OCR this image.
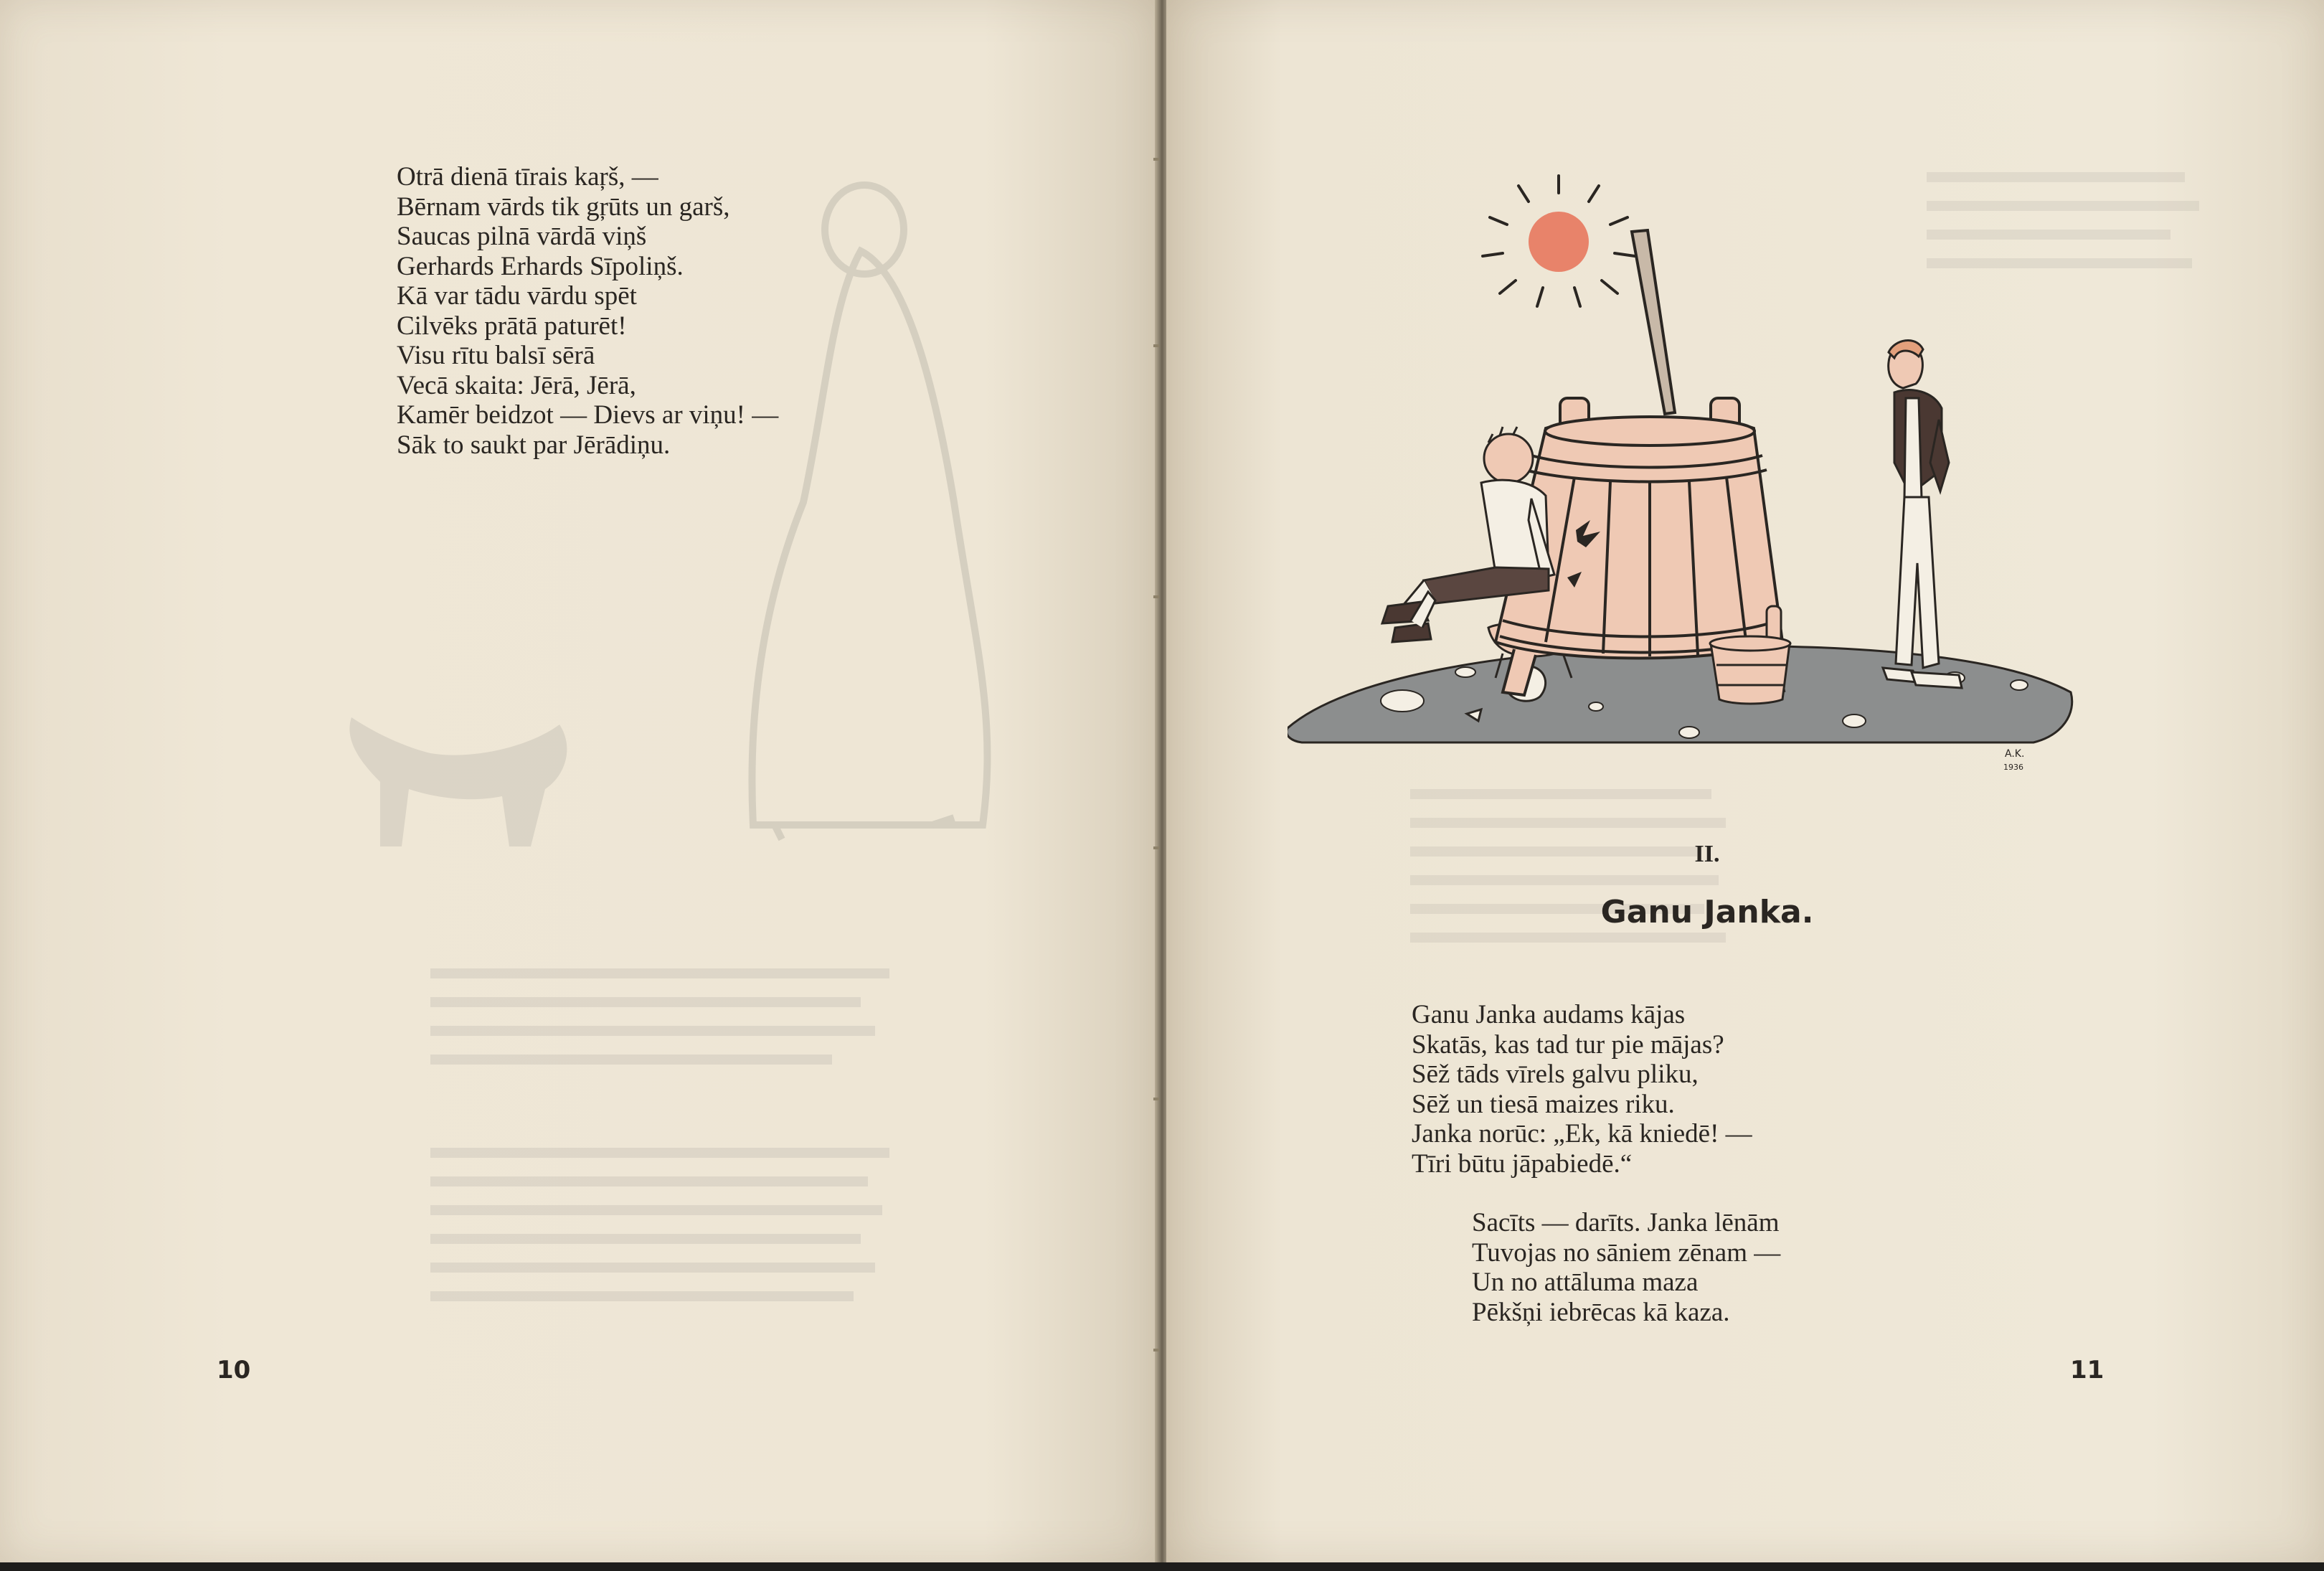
Otrā dienā tīrais kaŗš, —
Bērnam vārds tik gŗūts un garš,
Saucas pilnā vārdā viņš
Gerhards Erhards Sīpoliņš.
Kā var tādu vārdu spēt
Cilvēks prātā paturēt!
Visu rītu balsī sērā
Vecā skaita: Jērā, Jērā,
Kamēr beidzot — Dievs ar viņu! —
Sāk to saukt par Jērādiņu.
10
A.K.
1936
II.
Ganu Janka.
Ganu Janka audams kājas
Skatās, kas tad tur pie mājas?
Sēž tāds vīrels galvu pliku,
Sēž un tiesā maizes riku.
Janka norūc: „Ek, kā kniedē! —
Tīri būtu jāpabiedē.“
Sacīts — darīts. Janka lēnām
Tuvojas no sāniem zēnam —
Un no attāluma maza
Pēkšņi iebrēcas kā kaza.
11
